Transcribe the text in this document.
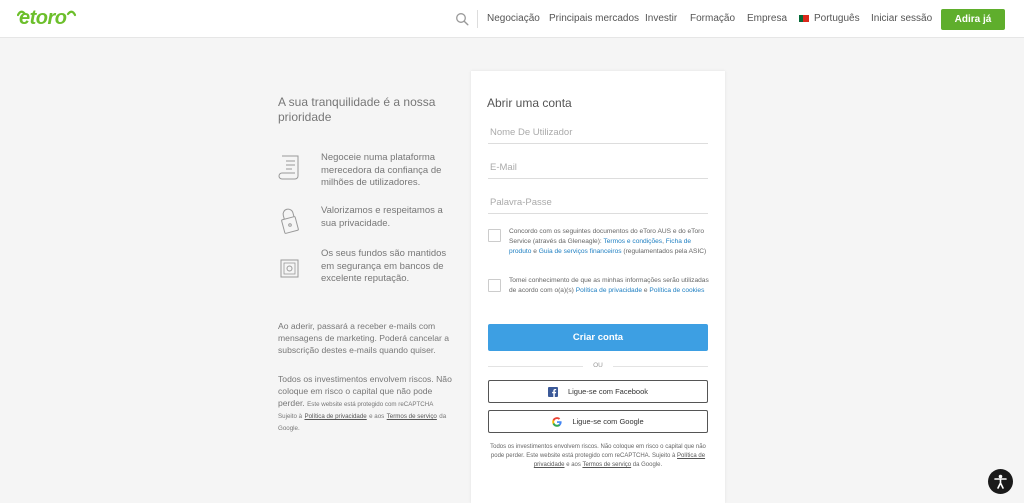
etoro	Negociação Principais mercados Investir Formação Empresa	Português Iniciar sessão	Adira já
A sua tranquilidade é a nossa prioridade
Negoceie numa plataforma merecedora da confiança de milhões de utilizadores.
Valorizamos e respeitamos a sua privacidade.
Os seus fundos são mantidos em segurança em bancos de excelente reputação.
Ao aderir, passará a receber e-mails com mensagens de marketing. Poderá cancelar a subscrição destes e-mails quando quiser.
Todos os investimentos envolvem riscos. Não coloque em risco o capital que não pode perder. Este website está protegido com reCAPTCHA Sujeito à Política de privacidade e aos Termos de serviço da Google.
Abrir uma conta
Nome De Utilizador
E-Mail
Concordo com os seguintes documentos do eToro AUS e do eToro Service (através da Gleneagle): Termos e condições, Ficha de produto e Guia de serviços financeiros (regulamentados pela ASIC)
Tomei conhecimento de que as minhas informações serão utilizadas de acordo com o(a)(s) Política de privacidade e Política de cookies
Criar conta
OU
Ligue-se com Facebook
Ligue-se com Google
Todos os investimentos envolvem riscos. Não coloque em risco o capital que não pode perder. Este website está protegido com reCAPTCHA. Sujeito à Política de privacidade e aos Termos de serviço da Google.
